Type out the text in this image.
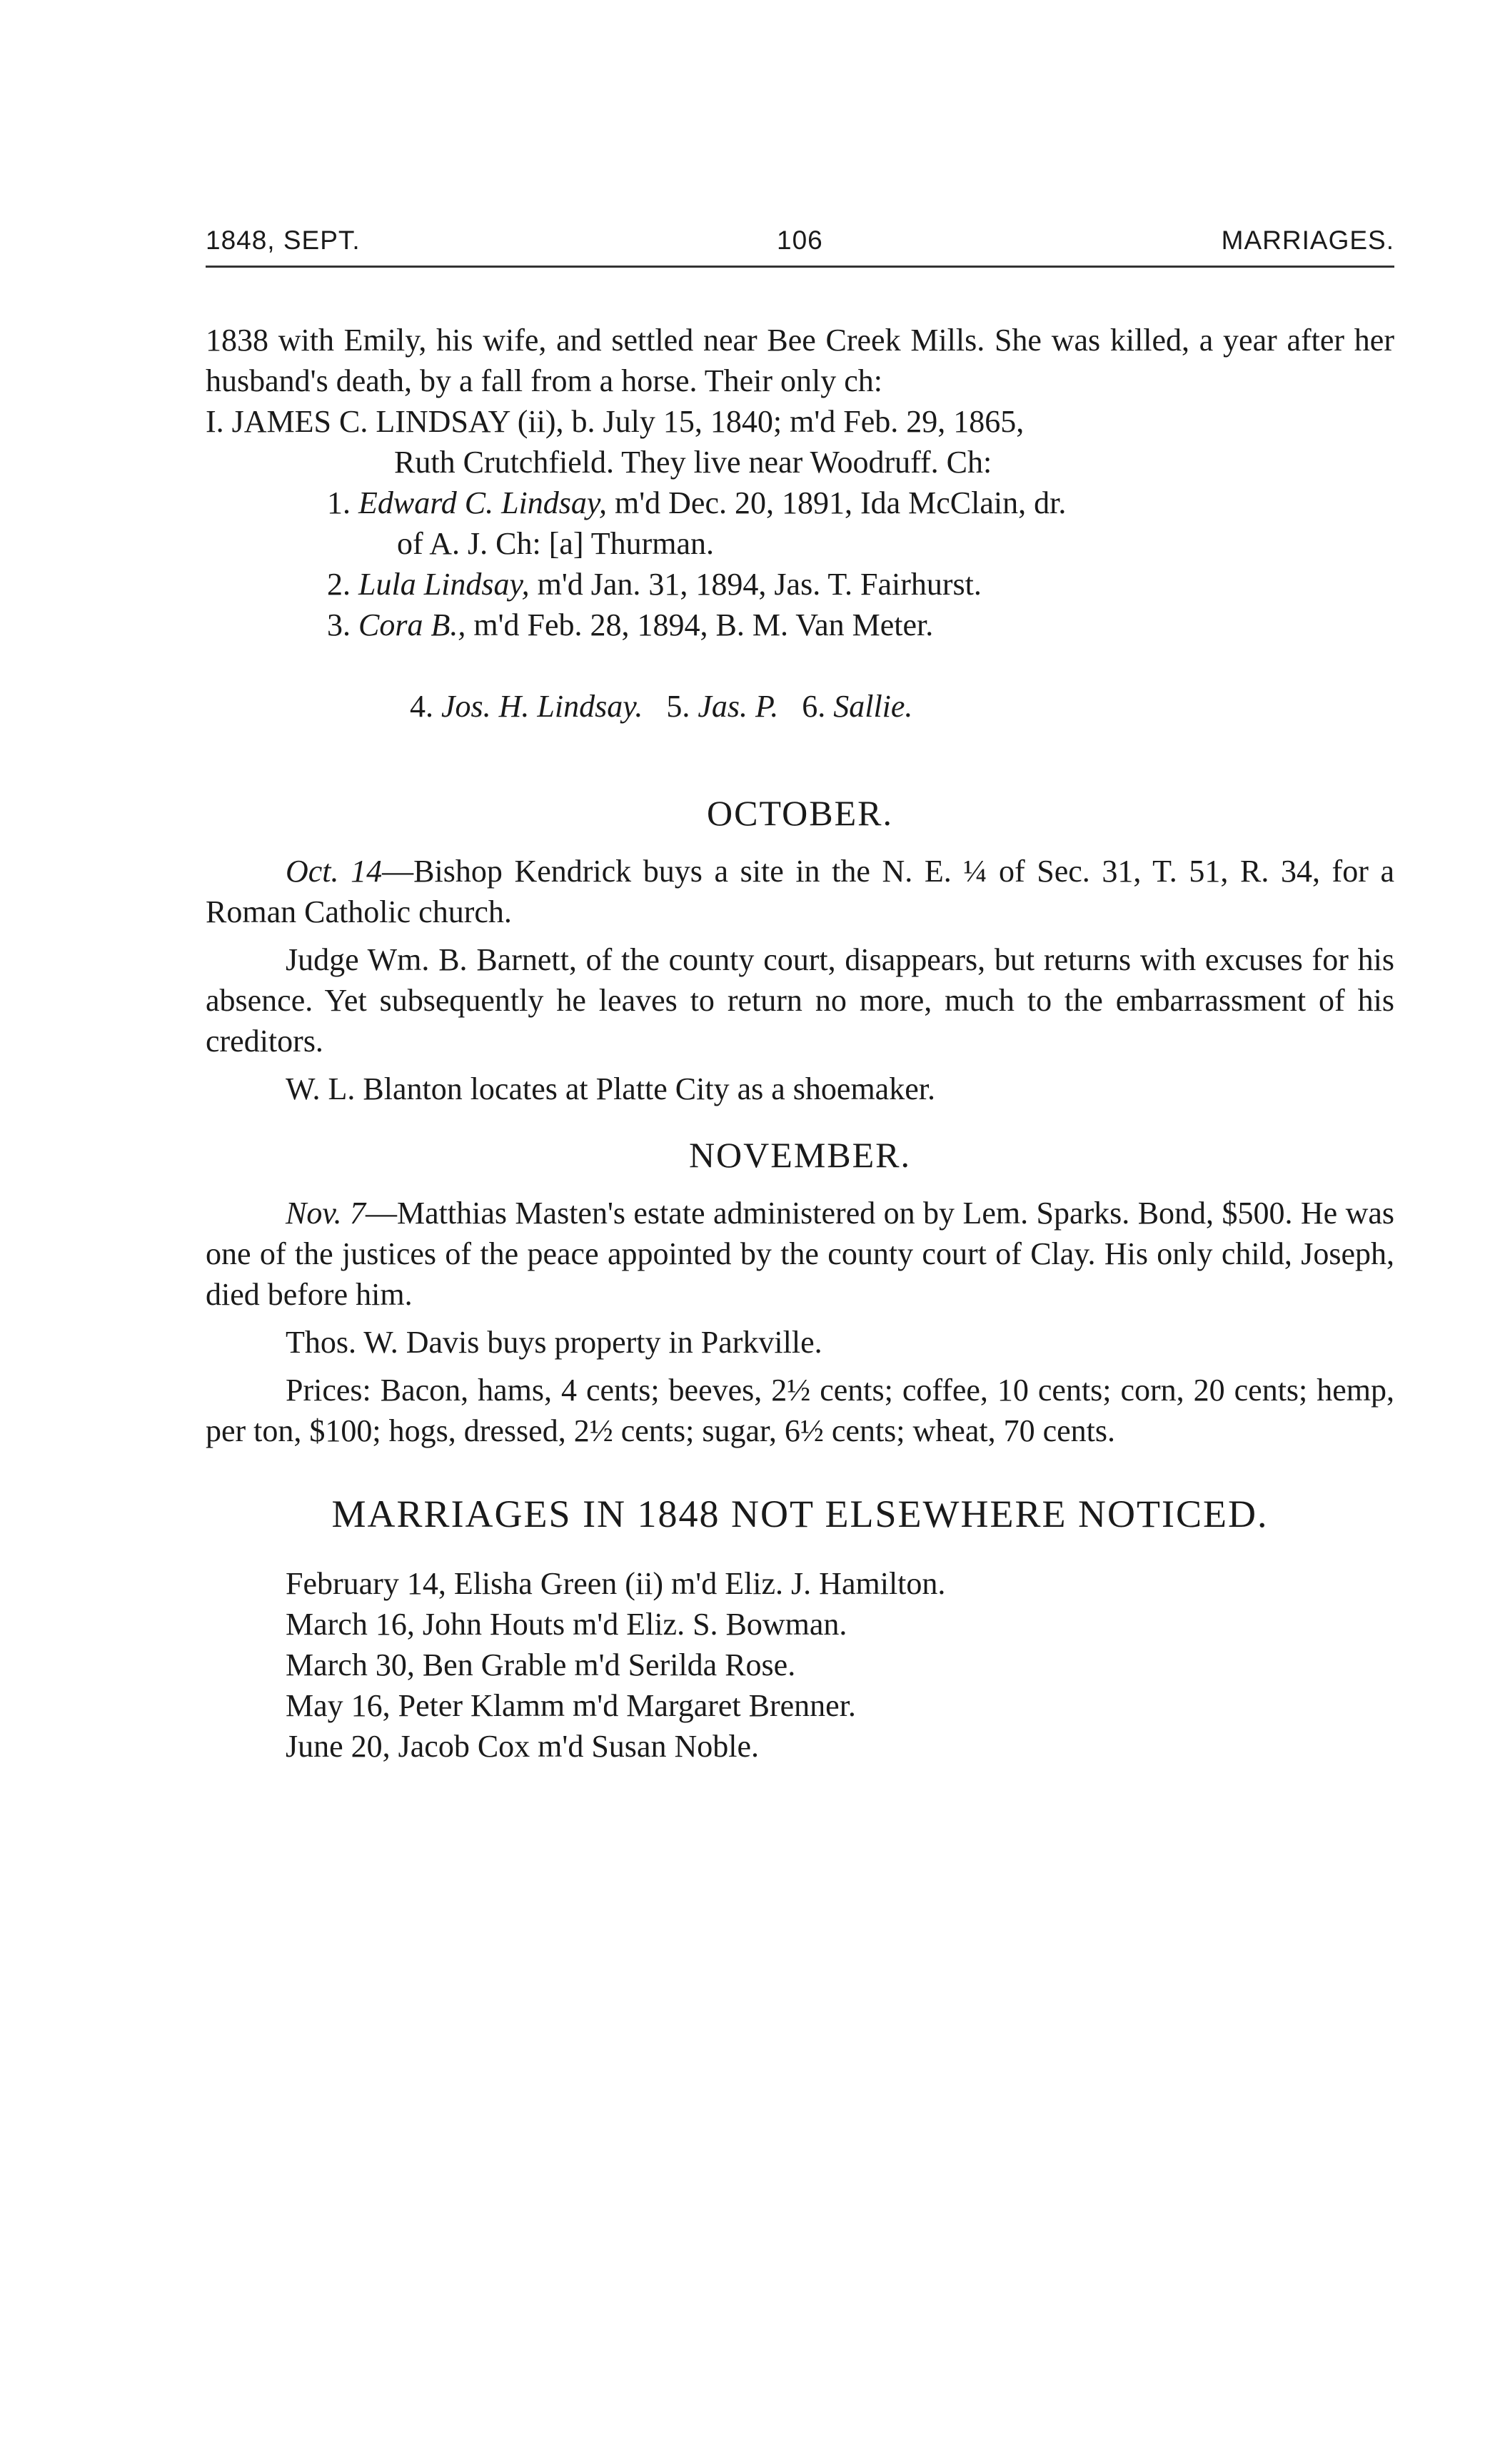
1848, SEPT.	106	MARRIAGES.

1838 with Emily, his wife, and settled near Bee Creek Mills. She was killed, a year after her husband's death, by a fall from a horse. Their only ch:

I. JAMES C. LINDSAY (ii), b. July 15, 1840; m'd Feb. 29, 1865,
Ruth Crutchfield. They live near Woodruff. Ch:

1. Edward C. Lindsay, m'd Dec. 20, 1891, Ida McClain, dr.

of A. J. Ch: [a] Thurman.

2. Lula Lindsay, m'd Jan. 31, 1894, Jas. T. Fairhurst.

3. Cora B., m'd Feb. 28, 1894, B. M. Van Meter.

4. Jos. H. Lindsay.   5. Jas. P.   6. Sallie.

OCTOBER.

Oct. 14—Bishop Kendrick buys a site in the N. E. ¼ of Sec. 31, T. 51, R. 34, for a Roman Catholic church.

Judge Wm. B. Barnett, of the county court, disappears, but returns with excuses for his absence. Yet subsequently he leaves to return no more, much to the embarrassment of his creditors.

W. L. Blanton locates at Platte City as a shoemaker.

NOVEMBER.

Nov. 7—Matthias Masten's estate administered on by Lem. Sparks. Bond, $500. He was one of the justices of the peace appointed by the county court of Clay. His only child, Joseph, died before him.

Thos. W. Davis buys property in Parkville.

Prices: Bacon, hams, 4 cents; beeves, 2½ cents; coffee, 10 cents; corn, 20 cents; hemp, per ton, $100; hogs, dressed, 2½ cents; sugar, 6½ cents; wheat, 70 cents.

MARRIAGES IN 1848 NOT ELSEWHERE NOTICED.

February 14, Elisha Green (ii) m'd Eliz. J. Hamilton.

March 16, John Houts m'd Eliz. S. Bowman.

March 30, Ben Grable m'd Serilda Rose.

May 16, Peter Klamm m'd Margaret Brenner.

June 20, Jacob Cox m'd Susan Noble.
